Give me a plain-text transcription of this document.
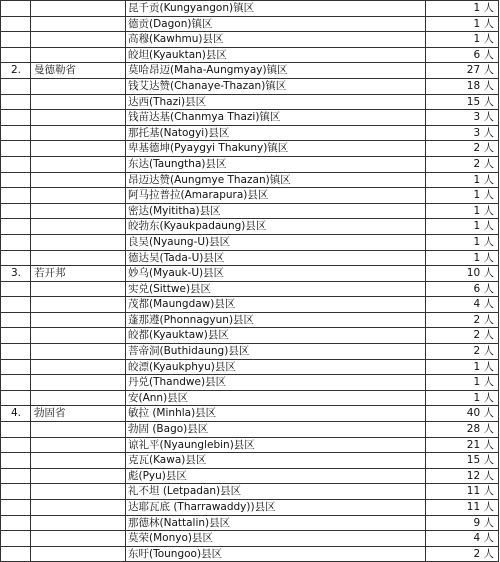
		昆千贡(Kungyangon)镇区	1 人
		德贡(Dagon)镇区	1 人
		高穆(Kawhmu)县区	1 人
		皎坦(Kyauktan)县区	6 人
2.	曼德勒省	莫哈昂迈(Maha-Aungmyay)镇区	27 人
		钱艾达赞(Chanaye-Thazan)镇区	18 人
		达西(Thazi)县区	15 人
		钱苗达基(Chanmya Thazi)镇区	3 人
		那托基(Natogyi)县区	3 人
		卑基德坤(Pyaygyi Thakuny)镇区	2 人
		东达(Taungtha)县区	2 人
		昂迈达赞(Aungmye Thazan)镇区	1 人
		阿马拉普拉(Amarapura)县区	1 人
		密达(Myititha)县区	1 人
		皎勃东(Kyaukpadaung)县区	1 人
		良吴(Nyaung-U)县区	1 人
		德达吴(Tada-U)县区	1 人
3.	若开邦	妙乌(Myauk-U)县区	10 人
		实兑(Sittwe)县区	6 人
		茂都(Maungdaw)县区	4 人
		蓬那遵(Phonnagyun)县区	2 人
		皎都(Kyauktaw)县区	2 人
		菩帝洞(Buthidaung)县区	2 人
		皎漂(Kyaukphyu)县区	1 人
		丹兑(Thandwe)县区	1 人
		安(Ann)县区	1 人
4.	勃固省	敏拉 (Minhla)县区	40 人
		勃固 (Bago)县区	28 人
		谅礼平(Nyaunglebin)县区	21 人
		克瓦(Kawa)县区	15 人
		彪(Pyu)县区	12 人
		礼不坦 (Letpadan)县区	11 人
		达耶瓦底 (Tharrawaddy))县区	11 人
		那德林(Nattalin)县区	9 人
		莫荣(Monyo)县区	4 人
		东吁(Toungoo)县区	2 人
